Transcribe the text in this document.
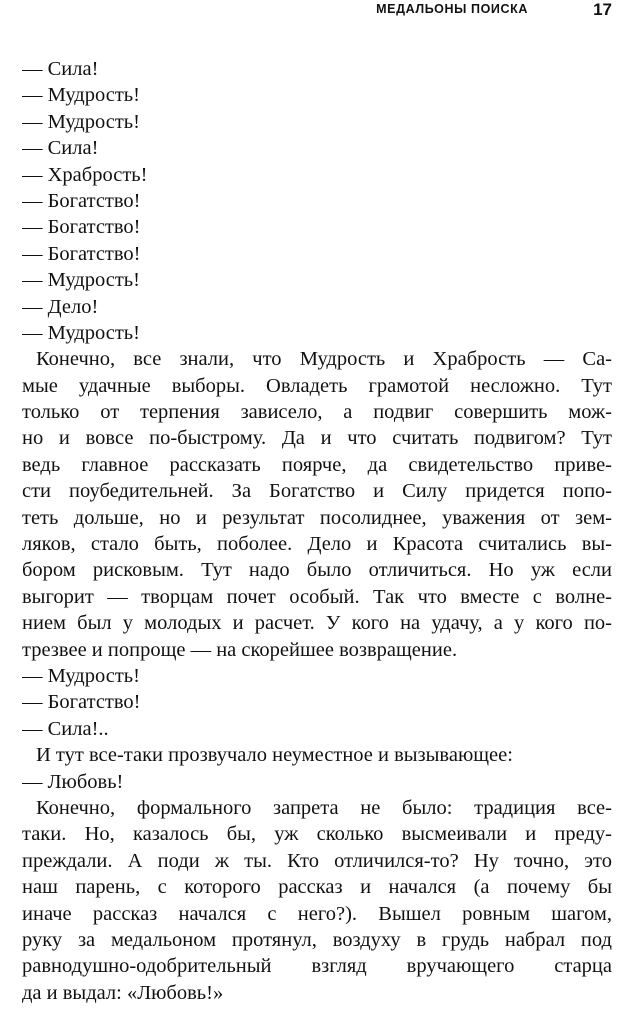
МЕДАЛЬОНЫ ПОИСКА	17
— Сила!
— Мудрость!
— Мудрость!
— Сила!
— Храбрость!
— Богатство!
— Богатство!
— Богатство!
— Мудрость!
— Дело!
— Мудрость!
Конечно, все знали, что Мудрость и Храбрость — Са-
мые удачные выборы. Овладеть грамотой несложно. Тут
только от терпения зависело, а подвиг совершить мож-
но и вовсе по-быстрому. Да и что считать подвигом? Тут
ведь главное рассказать поярче, да свидетельство приве-
сти поубедительней. За Богатство и Силу придется попо-
теть дольше, но и результат посолиднее, уважения от зем-
ляков, стало быть, поболее. Дело и Красота считались вы-
бором рисковым. Тут надо было отличиться. Но уж если
выгорит — творцам почет особый. Так что вместе с волне-
нием был у молодых и расчет. У кого на удачу, а у кого по-
трезвее и попроще — на скорейшее возвращение.
— Мудрость!
— Богатство!
— Сила!..
И тут все-таки прозвучало неуместное и вызывающее:
— Любовь!
Конечно, формального запрета не было: традиция все-
таки. Но, казалось бы, уж сколько высмеивали и преду-
преждали. А поди ж ты. Кто отличился-то? Ну точно, это
наш парень, с которого рассказ и начался (а почему бы
иначе рассказ начался с него?). Вышел ровным шагом,
руку за медальоном протянул, воздуху в грудь набрал под
равнодушно-одобрительный взгляд вручающего старца
да и выдал: «Любовь!»
